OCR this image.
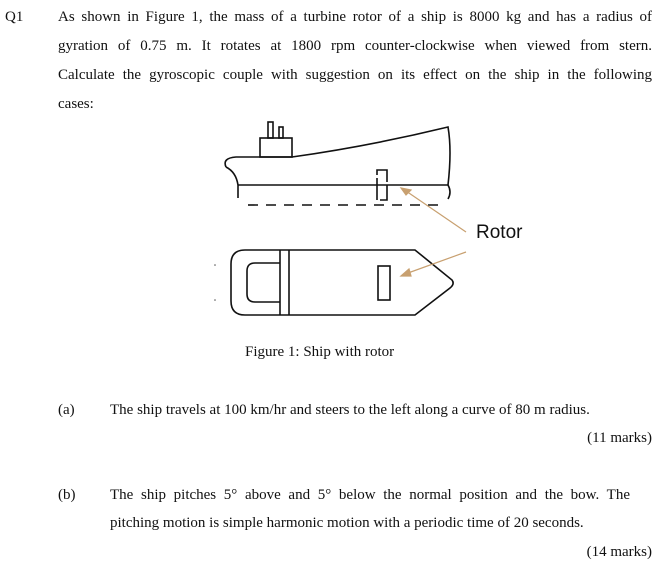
Q1 As shown in Figure 1, the mass of a turbine rotor of a ship is 8000 kg and has a radius of
gyration of 0.75 m. It rotates at 1800 rpm counter-clockwise when viewed from stern.
Calculate the gyroscopic couple with suggestion on its effect on the ship in the following
cases:
Rotor
Figure 1: Ship with rotor
(a) The ship travels at 100 km/hr and steers to the left along a curve of 80 m radius.
(11 marks)
(b) The ship pitches 5° above and 5° below the normal position and the bow. The
pitching motion is simple harmonic motion with a periodic time of 20 seconds.
(14 marks)
